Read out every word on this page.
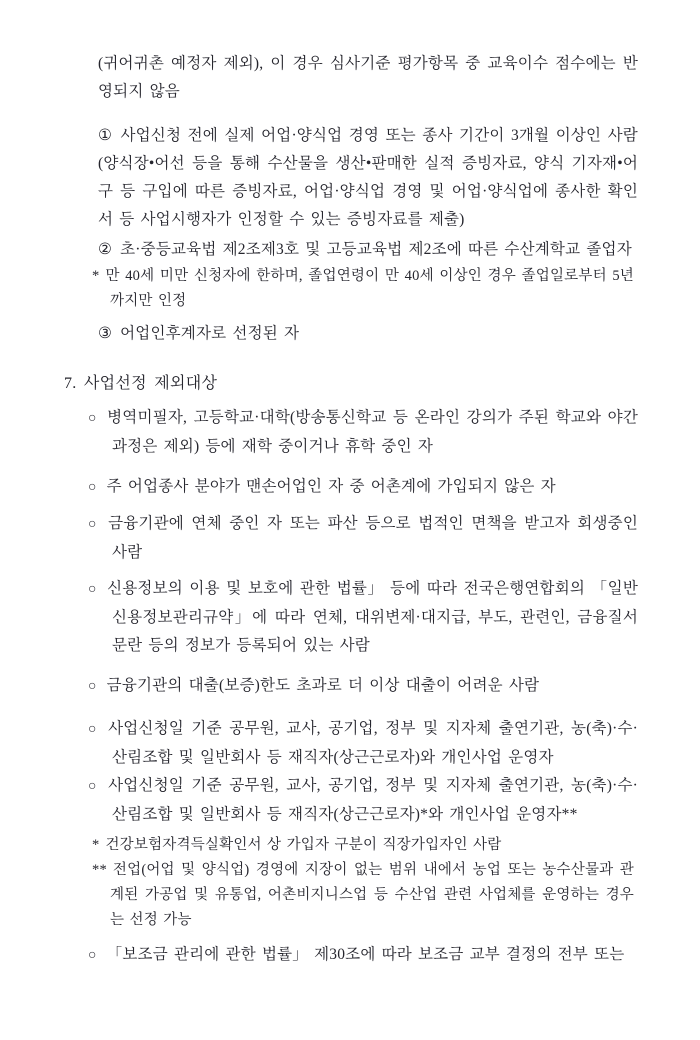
(귀어귀촌 예정자 제외), 이 경우 심사기준 평가항목 중 교육이수 점수에는 반영되지 않음

① 사업신청 전에 실제 어업·양식업 경영 또는 종사 기간이 3개월 이상인 사람(양식장•어선 등을 통해 수산물을 생산•판매한 실적 증빙자료, 양식 기자재•어구 등 구입에 따른 증빙자료, 어업·양식업 경영 및 어업·양식업에 종사한 확인서 등 사업시행자가 인정할 수 있는 증빙자료를 제출)

② 초·중등교육법 제2조제3호 및 고등교육법 제2조에 따른 수산계학교 졸업자

* 만 40세 미만 신청자에 한하며, 졸업연령이 만 40세 이상인 경우 졸업일로부터 5년까지만 인정

③ 어업인후계자로 선정된 자

7. 사업선정 제외대상

○ 병역미필자, 고등학교·대학(방송통신학교 등 온라인 강의가 주된 학교와 야간 과정은 제외) 등에 재학 중이거나 휴학 중인 자

○ 주 어업종사 분야가 맨손어업인 자 중 어촌계에 가입되지 않은 자

○ 금융기관에 연체 중인 자 또는 파산 등으로 법적인 면책을 받고자 회생중인 사람

○ 신용정보의 이용 및 보호에 관한 법률」 등에 따라 전국은행연합회의 「일반 신용정보관리규약」에 따라 연체, 대위변제·대지급, 부도, 관련인, 금융질서 문란 등의 정보가 등록되어 있는 사람

○ 금융기관의 대출(보증)한도 초과로 더 이상 대출이 어려운 사람

○ 사업신청일 기준 공무원, 교사, 공기업, 정부 및 지자체 출연기관, 농(축)·수·산림조합 및 일반회사 등 재직자(상근근로자)와 개인사업 운영자

○ 사업신청일 기준 공무원, 교사, 공기업, 정부 및 지자체 출연기관, 농(축)·수·산림조합 및 일반회사 등 재직자(상근근로자)*와 개인사업 운영자**

* 건강보험자격득실확인서 상 가입자 구분이 직장가입자인 사람

** 전업(어업 및 양식업) 경영에 지장이 없는 범위 내에서 농업 또는 농수산물과 관계된 가공업 및 유통업, 어촌비지니스업 등 수산업 관련 사업체를 운영하는 경우는 선정 가능

○ 「보조금 관리에 관한 법률」 제30조에 따라 보조금 교부 결정의 전부 또는
